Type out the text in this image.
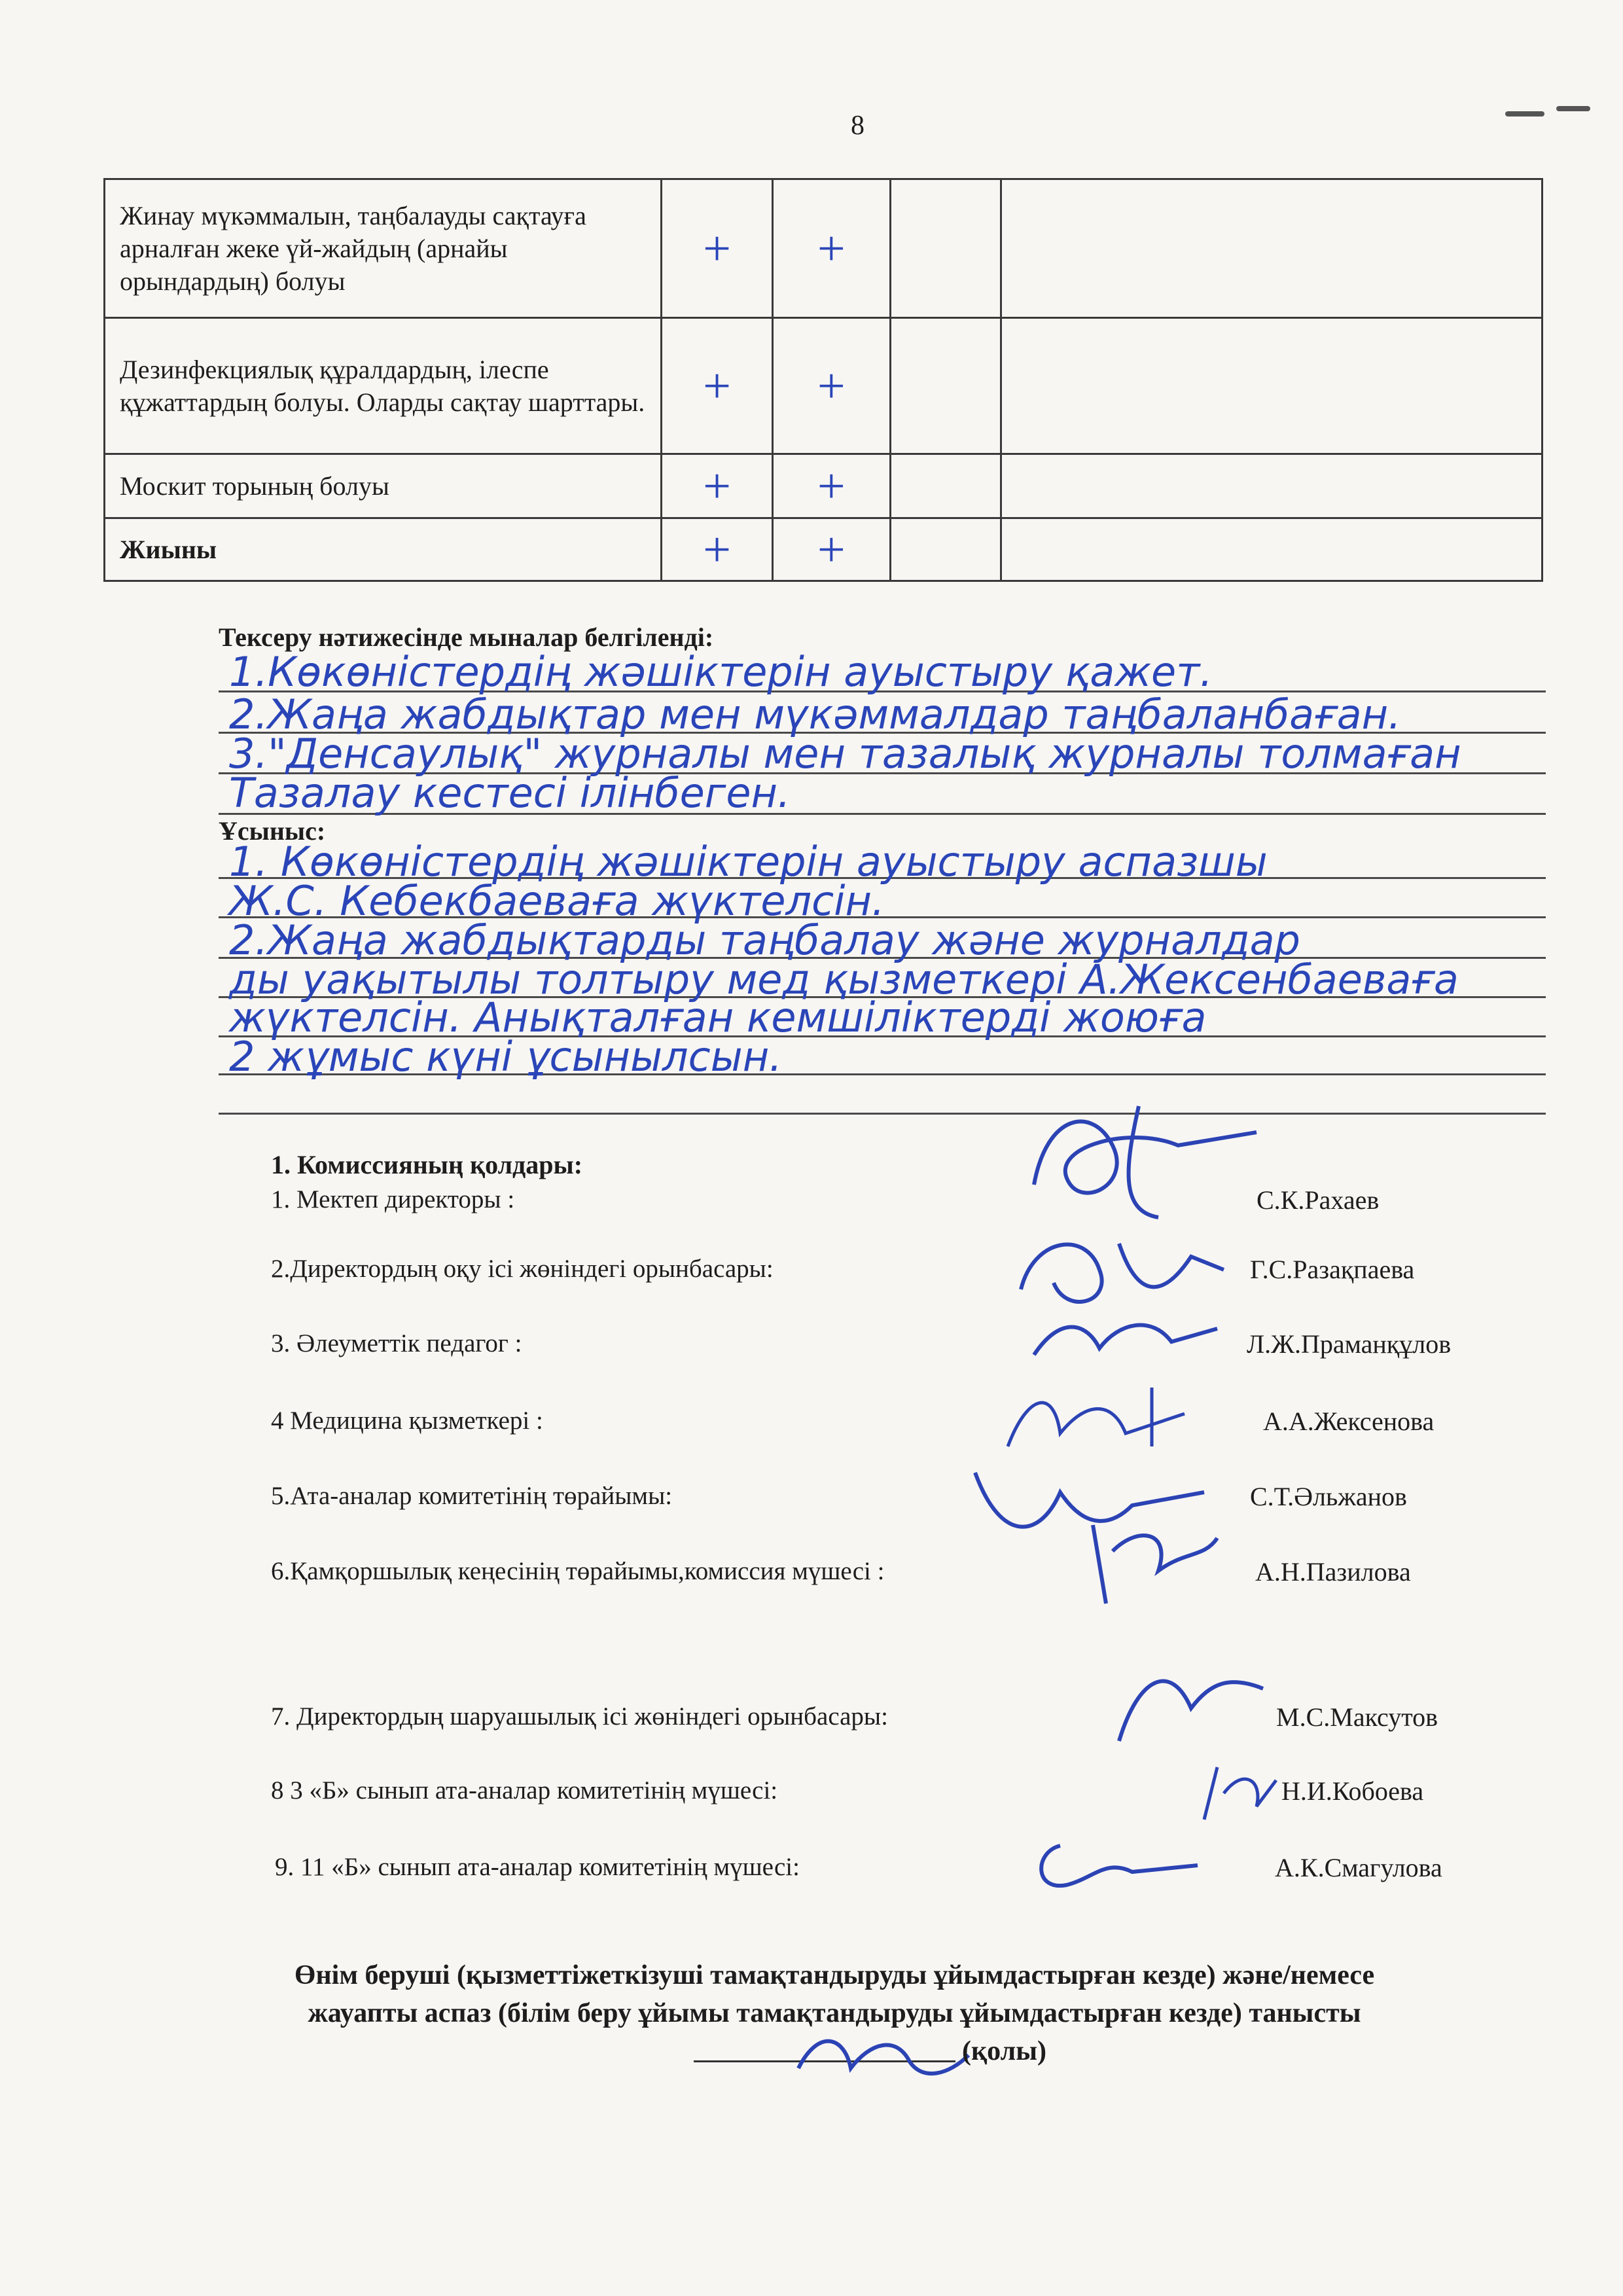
8
Жинау мүкәммалын, таңбалауды сақтауға арналған жеке үй-жайдың (арнайы орындардың) болуы	+	+		
Дезинфекциялық құралдардың, ілеспе құжаттардың болуы. Оларды сақтау шарттары.	+	+		
Москит торының болуы	+	+		
Жиыны	+	+		
Тексеру нәтижесінде мыналар белгіленді:
1.Көкөністердің жәшіктерін ауыстыру қажет.
2.Жаңа жабдықтар мен мүкәммалдар таңбаланбаған.
3."Денсаулық" журналы мен тазалық журналы толмаған
Тазалау кестесі ілінбеген.
Ұсыныс:
1. Көкөністердің жәшіктерін ауыстыру аспазшы
Ж.С. Кебекбаеваға жүктелсін.
2.Жаңа жабдықтарды таңбалау және журналдар
ды уақытылы толтыру мед қызметкері А.Жексенбаеваға
жүктелсін. Анықталған кемшіліктерді жоюға
2 жұмыс күні ұсынылсын.
1. Комиссияның қолдары:
1. Мектеп директоры :	С.К.Рахаев
2.Директордың оқу ісі жөніндегі орынбасары:	Г.С.Разақпаева
3. Әлеуметтік педагог :	Л.Ж.Праманқұлов
4 Медицина қызметкері :	А.А.Жексенова
5.Ата-аналар комитетінің төрайымы:	С.Т.Әльжанов
6.Қамқоршылық кеңесінің төрайымы,комиссия мүшесі :	А.Н.Пазилова
7. Директордың шаруашылық ісі жөніндегі орынбасары:	М.С.Максутов
8 3 «Б» сынып ата-аналар комитетінің мүшесі:	Н.И.Кобоева
9. 11 «Б» сынып ата-аналар комитетінің мүшесі:	А.К.Смагулова
Өнім беруші (қызметтіжеткізуші тамақтандыруды ұйымдастырған кезде) және/немесе
жауапты аспаз (білім беру ұйымы тамақтандыруды ұйымдастырған кезде) танысты
(қолы)
